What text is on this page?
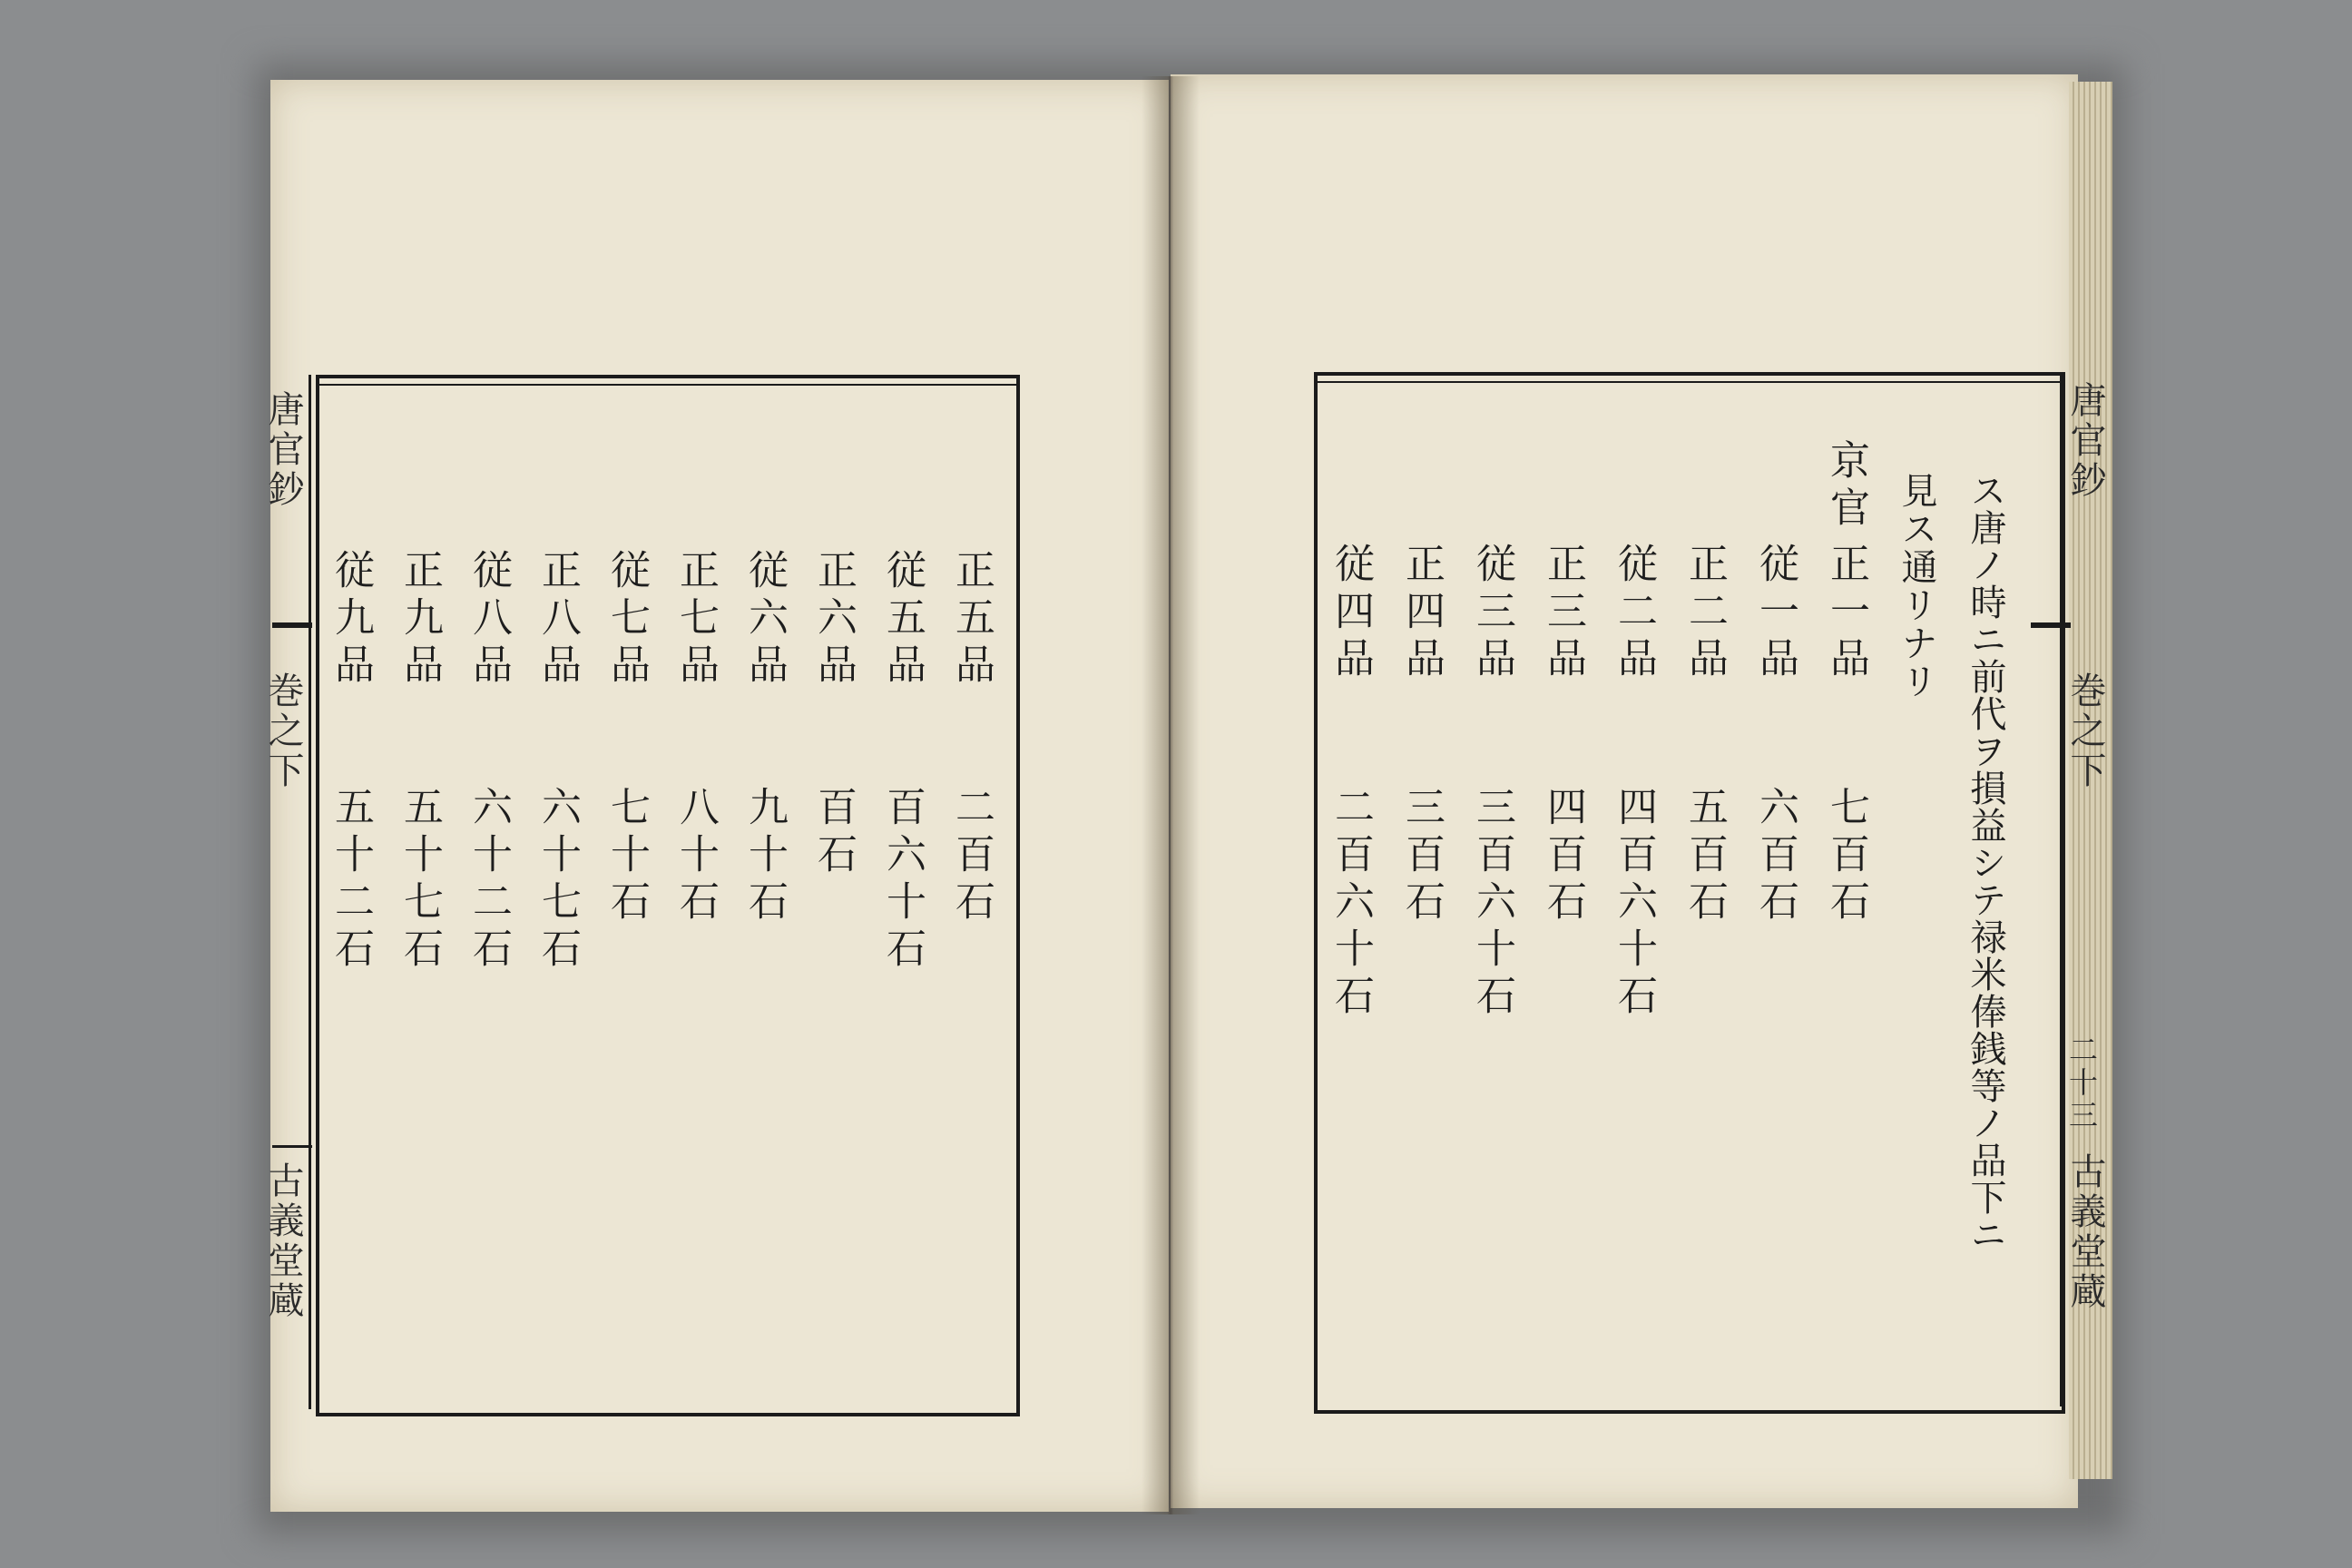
唐官鈔
巻之下
古義堂蔵
唐官鈔
巻之下
二十三
古義堂蔵
正五品
二百石
従五品
百六十石
正六品
百石
従六品
九十石
正七品
八十石
従七品
七十石
正八品
六十七石
従八品
六十二石
正九品
五十七石
従九品
五十二石	ス唐ノ時ニ前代ヲ損益シテ禄米俸銭等ノ品下ニ
見ス通リナリ
京官
正一品
七百石
従一品
六百石
正二品
五百石
従二品
四百六十石
正三品
四百石
従三品
三百六十石
正四品
三百石
従四品
二百六十石
